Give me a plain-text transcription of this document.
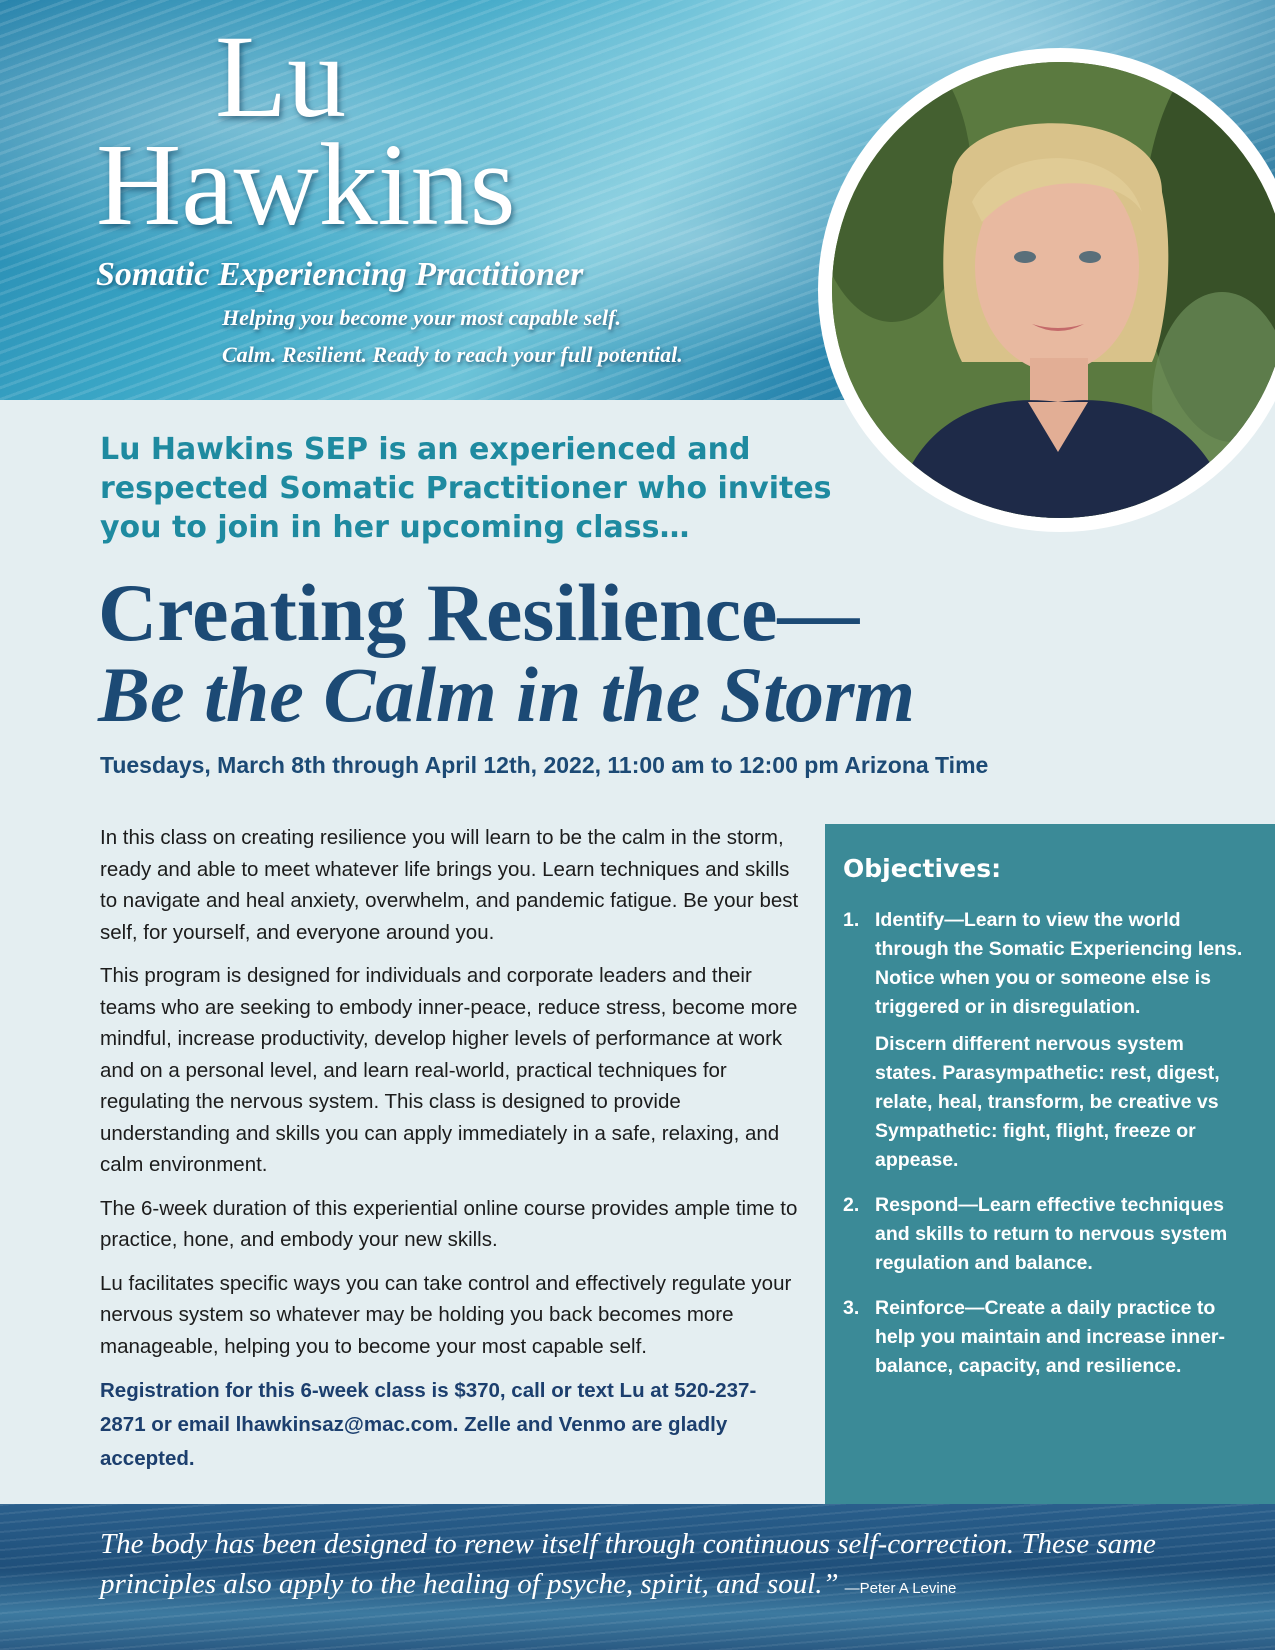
Lu
Hawkins
Somatic Experiencing Practitioner
Helping you become your most capable self.
Calm. Resilient. Ready to reach your full potential.
Lu Hawkins SEP is an experienced and respected Somatic Practitioner who invites you to join in her upcoming class…
Creating Resilience—
Be the Calm in the Storm
Tuesdays, March 8th through April 12th, 2022, 11:00 am to 12:00 pm Arizona Time

In this class on creating resilience you will learn to be the calm in the storm, ready and able to meet whatever life brings you. Learn techniques and skills to navigate and heal anxiety, overwhelm, and pandemic fatigue. Be your best self, for yourself, and everyone around you.

This program is designed for individuals and corporate leaders and their teams who are seeking to embody inner-peace, reduce stress, become more mindful, increase productivity, develop higher levels of performance at work and on a personal level, and learn real-world, practical techniques for regulating the nervous system. This class is designed to provide understanding and skills you can apply immediately in a safe, relaxing, and calm environment.

The 6-week duration of this experiential online course provides ample time to practice, hone, and embody your new skills.

Lu facilitates specific ways you can take control and effectively regulate your nervous system so whatever may be holding you back becomes more manageable, helping you to become your most capable self.

Registration for this 6-week class is $370, call or text Lu at 520-237-2871 or email lhawkinsaz@mac.com. Zelle and Venmo are gladly accepted.

Objectives:
1. Identify—Learn to view the world through the Somatic Experiencing lens. Notice when you or someone else is triggered or in disregulation.
Discern different nervous system states. Parasympathetic: rest, digest, relate, heal, transform, be creative vs Sympathetic: fight, flight, freeze or appease.
2. Respond—Learn effective techniques and skills to return to nervous system regulation and balance.
3. Reinforce—Create a daily practice to help you maintain and increase inner-balance, capacity, and resilience.
The body has been designed to renew itself through continuous self-correction. These same principles also apply to the healing of psyche, spirit, and soul.” —Peter A Levine
